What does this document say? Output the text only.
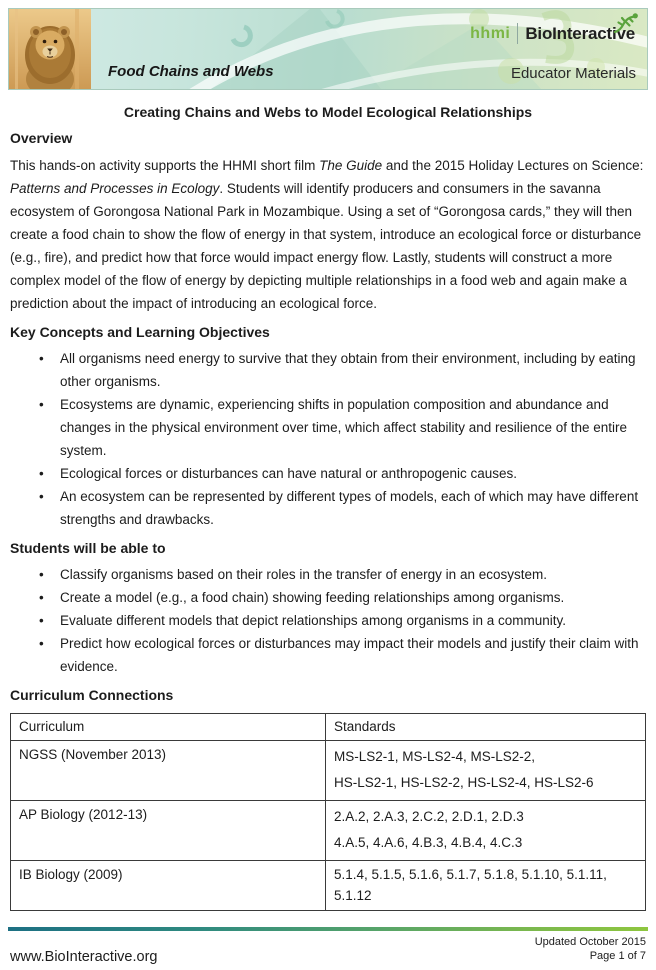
hhmi BioInteractive
Food Chains and Webs	Educator Materials
Creating Chains and Webs to Model Ecological Relationships
Overview

This hands-on activity supports the HHMI short film The Guide and the 2015 Holiday Lectures on Science: Patterns and Processes in Ecology. Students will identify producers and consumers in the savanna ecosystem of Gorongosa National Park in Mozambique. Using a set of “Gorongosa cards,” they will then create a food chain to show the flow of energy in that system, introduce an ecological force or disturbance (e.g., fire), and predict how that force would impact energy flow. Lastly, students will construct a more complex model of the flow of energy by depicting multiple relationships in a food web and again make a prediction about the impact of introducing an ecological force.

Key Concepts and Learning Objectives
• All organisms need energy to survive that they obtain from their environment, including by eating other organisms.
• Ecosystems are dynamic, experiencing shifts in population composition and abundance and changes in the physical environment over time, which affect stability and resilience of the entire system.
• Ecological forces or disturbances can have natural or anthropogenic causes.
• An ecosystem can be represented by different types of models, each of which may have different strengths and drawbacks.
Students will be able to
• Classify organisms based on their roles in the transfer of energy in an ecosystem.
• Create a model (e.g., a food chain) showing feeding relationships among organisms.
• Evaluate different models that depict relationships among organisms in a community.
• Predict how ecological forces or disturbances may impact their models and justify their claim with evidence.
Curriculum Connections
Curriculum	Standards

NGSS (November 2013)	MS-LS2-1, MS-LS2-4, MS-LS2-2,
HS-LS2-1, HS-LS2-2, HS-LS2-4, HS-LS2-6

AP Biology (2012-13)	2.A.2, 2.A.3, 2.C.2, 2.D.1, 2.D.3
4.A.5, 4.A.6, 4.B.3, 4.B.4, 4.C.3

IB Biology (2009)	5.1.4, 5.1.5, 5.1.6, 5.1.7, 5.1.8, 5.1.10, 5.1.11, 5.1.12
Updated October 2015
Page 1 of 7
www.BioInteractive.org
